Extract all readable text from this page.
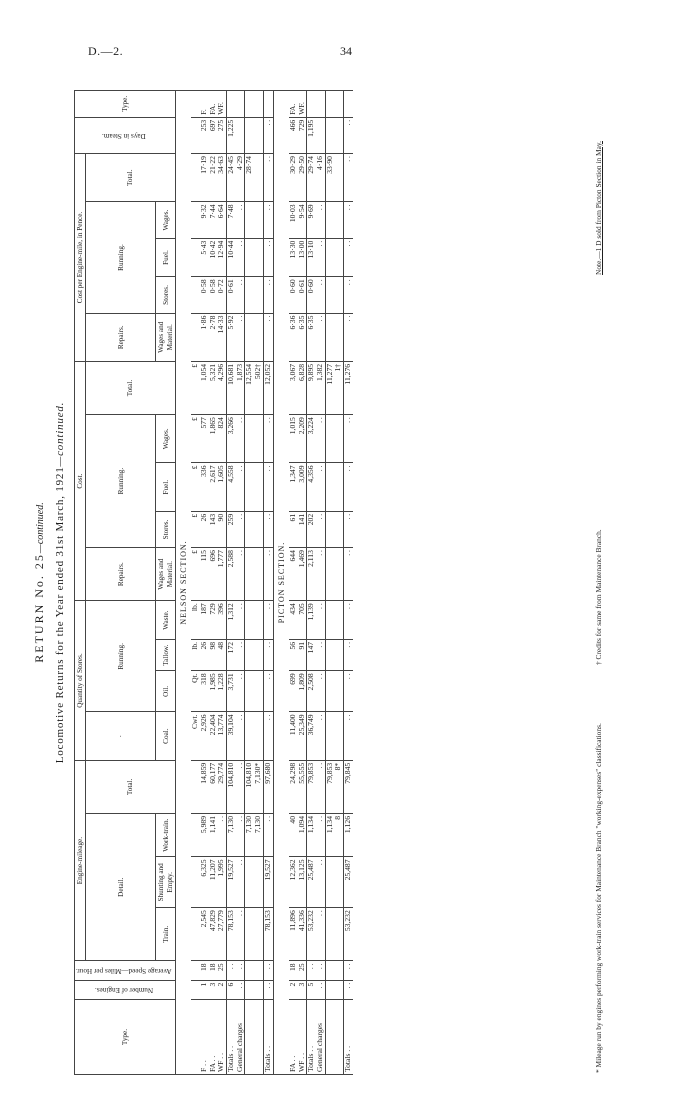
D.—2.	34
RETURN No. 25—continued. Locomotive Returns for the Year ended 31st March, 1921—continued.
Type.	Number of Engines.	Average Speed—Miles per Hour.	Engine-mileage.				Quantity of Stores.				Cost.					Cost per Engine-mile, in Pence.					Days in Steam.	Type.
			Detail.			Total.	·	Running.			Repairs.	Running.			Total.	Repairs.	Running.			Total.		
			Train.	Shunting and Empty.	Work-train.		Coal.	Oil.	Tallow.	Waste.	Wages and Material.	Stores.	Fuel.	Wages.		Wages and Material.	Stores.	Fuel.	Wages.			
NELSON SECTION.																						
							Cwt.	Qt.	lb.	lb.	£	£	£	£	£							
F . .	1	18	2,545	6,325	5,989	14,859	2,926	318	26	187	115	26	336	577	1,054	1·86	0·58	5·43	9·32	17·19	253	F.
FA . .	3	18	47,829	11,207	1,141	60,177	22,404	1,985	98	729	696	143	2,617	1,865	5,321	2·78	0·58	10·42	7·44	21·22	697	FA.
WF . .	2	25	27,779	1,995	. .	29,774	13,774	1,228	48	396	1,777	90	1,605	824	4,296	14·33	0·72	12·94	6·64	34·63	275	WF.
Totals . .	6	. .	78,153	19,527	7,130	104,810	39,104	3,731	172	1,312	2,588	259	4,558	3,266	10,681	5·92	0·61	10·44	7·48	24·45	1,225	
General charges	. .	. .	. .	. .	. .	. .	. .	. .	. .	. .	. .	. .	. .	. .	1,873	. .	. .	. .	. .	4·29		
					7,130	104,810									12,554					28·74		
					7,130	7,130*									502†							
Totals . .	. .	. .	78,153	19,527	. .	97,680	. .	. .	. .	. .	. .	. .	. .	. .	12,052	. .	. .	. .	. .	. .	. .	
PICTON SECTION.																						
FA . .	2	18	11,896	12,362	40	24,298	11,400	699	56	434	644	61	1,347	1,015	3,067	6·36	0·60	13·30	10·03	30·29	466	FA.
WF . .	3	25	41,336	13,125	1,094	55,555	25,349	1,809	91	705	1,469	141	3,009	2,209	6,828	6·35	0·61	13·00	9·54	29·50	729	WF.
Totals . .	5	. .	53,232	25,487	1,134	79,853	36,749	2,508	147	1,139	2,113	202	4,356	3,224	9,895	6·35	0·60	13·10	9·69	29·74	1,195	
General charges	. .	. .	. .	. .	. .	. .	. .	. .	. .	. .	. .	. .	. .	. .	1,382	. .	. .	. .	. .	4·16		
					1,134	79,853									11,277					33·90		
					8	8*									1†							
Totals . .	. .	. .	53,232	25,487	1,126	79,845	. .	. .	. .	. .	. .	. .	. .	. .	11,276	. .	. .	. .	. .	. .	. .	
* Mileage run by engines performing work-train services for Maintenance Branch "working-expenses" classifications.
† Credits for same from Maintenance Branch.
Note.—1 D sold from Picton Section in May.
